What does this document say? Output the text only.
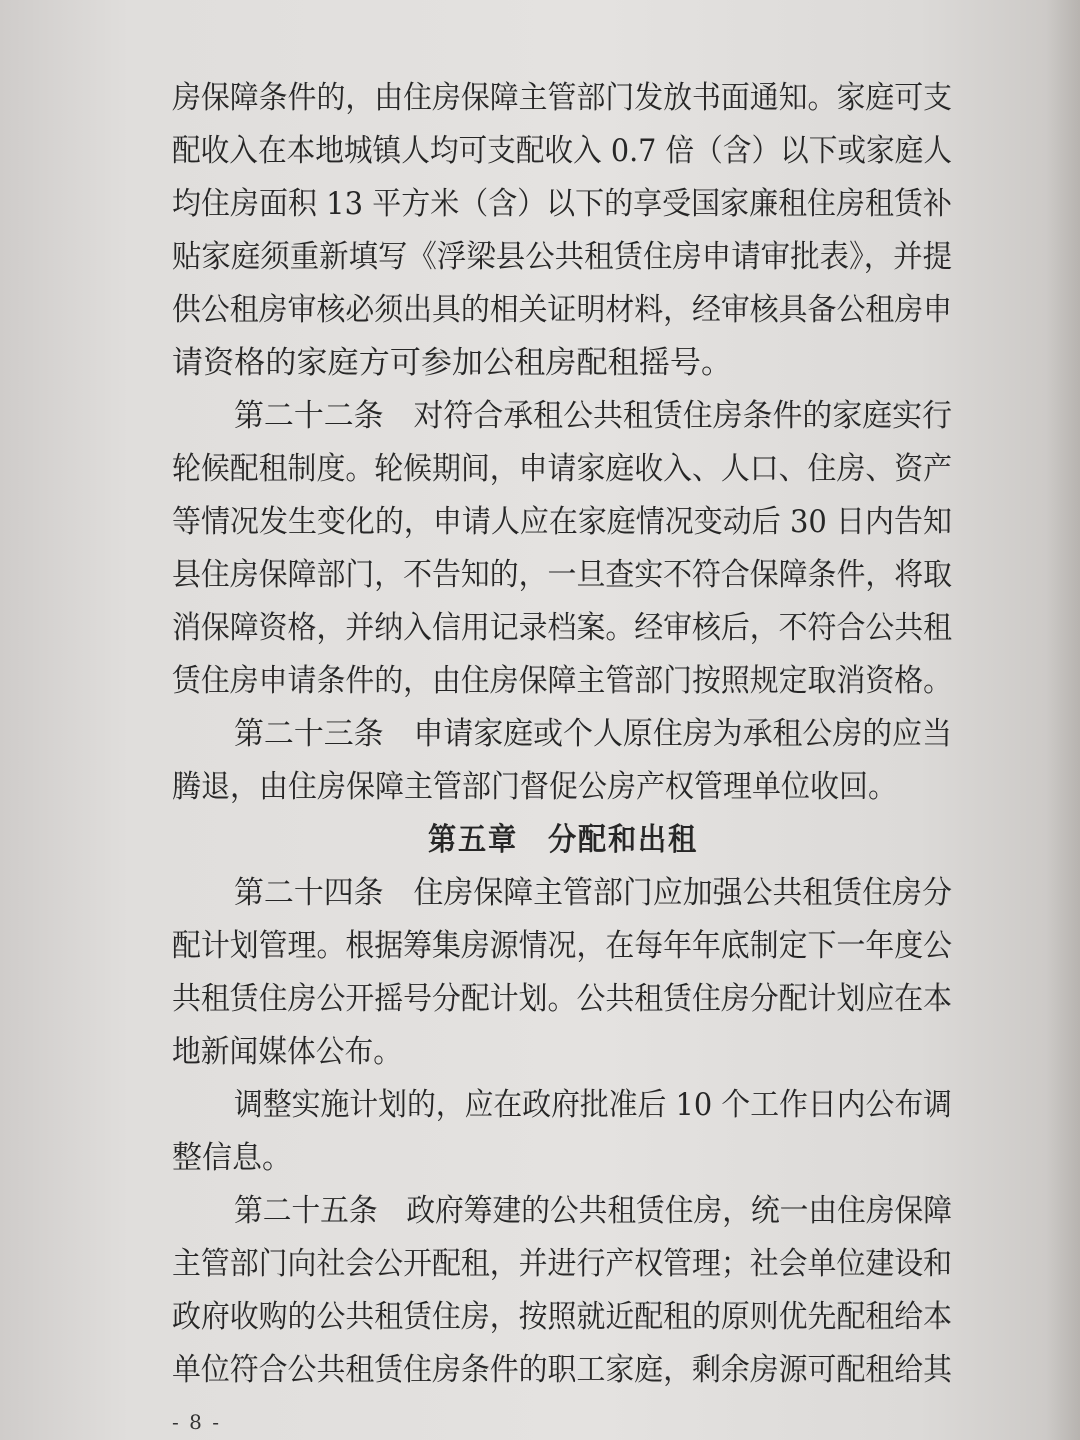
房保障条件的，由住房保障主管部门发放书面通知。家庭可支

配收入在本地城镇人均可支配收入 0.7 倍（含）以下或家庭人

均住房面积 13 平方米（含）以下的享受国家廉租住房租赁补

贴家庭须重新填写《浮梁县公共租赁住房申请审批表》，并提

供公租房审核必须出具的相关证明材料，经审核具备公租房申

请资格的家庭方可参加公租房配租摇号。

第二十二条　对符合承租公共租赁住房条件的家庭实行

轮候配租制度。轮候期间，申请家庭收入、人口、住房、资产

等情况发生变化的，申请人应在家庭情况变动后 30 日内告知

县住房保障部门，不告知的，一旦查实不符合保障条件，将取

消保障资格，并纳入信用记录档案。经审核后，不符合公共租

赁住房申请条件的，由住房保障主管部门按照规定取消资格。

第二十三条　申请家庭或个人原住房为承租公房的应当

腾退，由住房保障主管部门督促公房产权管理单位收回。

第五章　分配和出租

第二十四条　住房保障主管部门应加强公共租赁住房分

配计划管理。根据筹集房源情况，在每年年底制定下一年度公

共租赁住房公开摇号分配计划。公共租赁住房分配计划应在本

地新闻媒体公布。

调整实施计划的，应在政府批准后 10 个工作日内公布调

整信息。

第二十五条　政府筹建的公共租赁住房，统一由住房保障

主管部门向社会公开配租，并进行产权管理；社会单位建设和

政府收购的公共租赁住房，按照就近配租的原则优先配租给本

单位符合公共租赁住房条件的职工家庭，剩余房源可配租给其

- 8 -
